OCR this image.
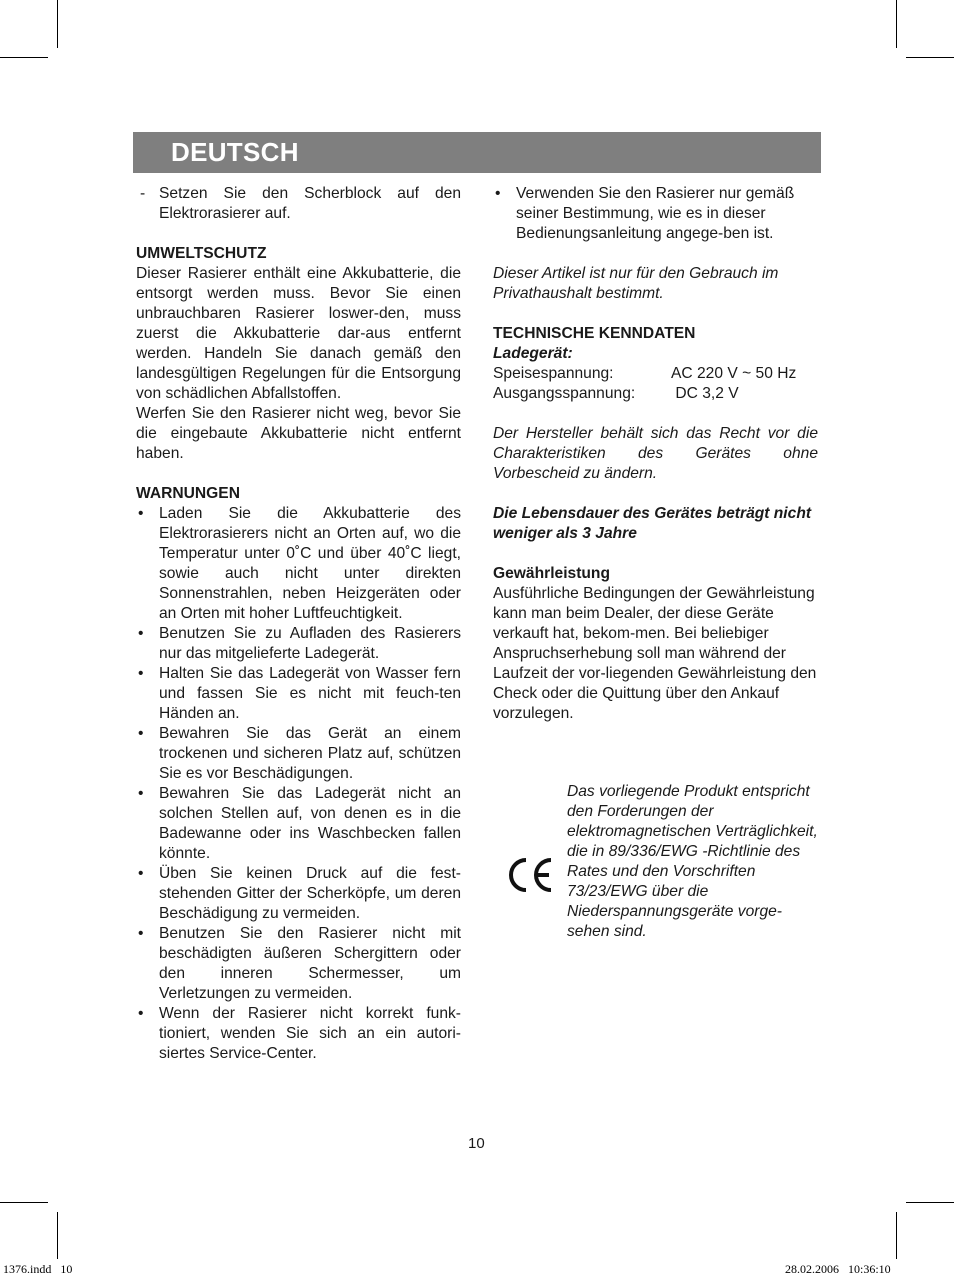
DEUTSCH
- Setzen Sie den Scherblock auf den Elektrorasierer auf.

UMWELTSCHUTZ

Dieser Rasierer enthält eine Akkubatterie, die entsorgt werden muss. Bevor Sie einen unbrauchbaren Rasierer loswer-den, muss zuerst die Akkubatterie dar-aus entfernt werden. Handeln Sie danach gemäß den landesgültigen Regelungen für die Entsorgung von schädlichen Abfallstoffen.

Werfen Sie den Rasierer nicht weg, bevor Sie die eingebaute Akkubatterie nicht entfernt haben.

WARNUNGEN

• Laden Sie die Akkubatterie des Elektrorasierers nicht an Orten auf, wo die Temperatur unter 0˚C und über 40˚C liegt, sowie auch nicht unter direkten Sonnenstrahlen, neben Heizgeräten oder an Orten mit hoher Luftfeuchtigkeit.
• Benutzen Sie zu Aufladen des Rasierers nur das mitgelieferte Ladegerät.
• Halten Sie das Ladegerät von Wasser fern und fassen Sie es nicht mit feuch-ten Händen an.
• Bewahren Sie das Gerät an einem trockenen und sicheren Platz auf, schützen Sie es vor Beschädigungen.
• Bewahren Sie das Ladegerät nicht an solchen Stellen auf, von denen es in die Badewanne oder ins Waschbecken fallen könnte.
• Üben Sie keinen Druck auf die fest-stehenden Gitter der Scherköpfe, um deren Beschädigung zu vermeiden.
• Benutzen Sie den Rasierer nicht mit beschädigten äußeren Schergittern oder den inneren Schermesser, um Verletzungen zu vermeiden.
• Wenn der Rasierer nicht korrekt funk-tioniert, wenden Sie sich an ein autori-siertes Service-Center.
• Verwenden Sie den Rasierer nur gemäß seiner Bestimmung, wie es in dieser Bedienungsanleitung angege-ben ist.

Dieser Artikel ist nur für den Gebrauch im Privathaushalt bestimmt.

TECHNISCHE KENNDATEN

Ladegerät:

Speisespannung:	AC 220 V ~ 50 Hz
Ausgangsspannung:	DC 3,2 V

Der Hersteller behält sich das Recht vor die Charakteristiken des Gerätes ohne Vorbescheid zu ändern.

Die Lebensdauer des Gerätes beträgt nicht weniger als 3 Jahre

Gewährleistung

Ausführliche Bedingungen der Gewährleistung kann man beim Dealer, der diese Geräte verkauft hat, bekom-men. Bei beliebiger Anspruchserhebung soll man während der Laufzeit der vor-liegenden Gewährleistung den Check oder die Quittung über den Ankauf vorzulegen.

Das vorliegende Produkt entspricht den Forderungen der elektromagnetischen Verträglichkeit, die in 89/336/EWG -Richtlinie des Rates und den Vorschriften 73/23/EWG über die Niederspannungsgeräte vorge-sehen sind.
10
1376.indd   10	28.02.2006   10:36:10
